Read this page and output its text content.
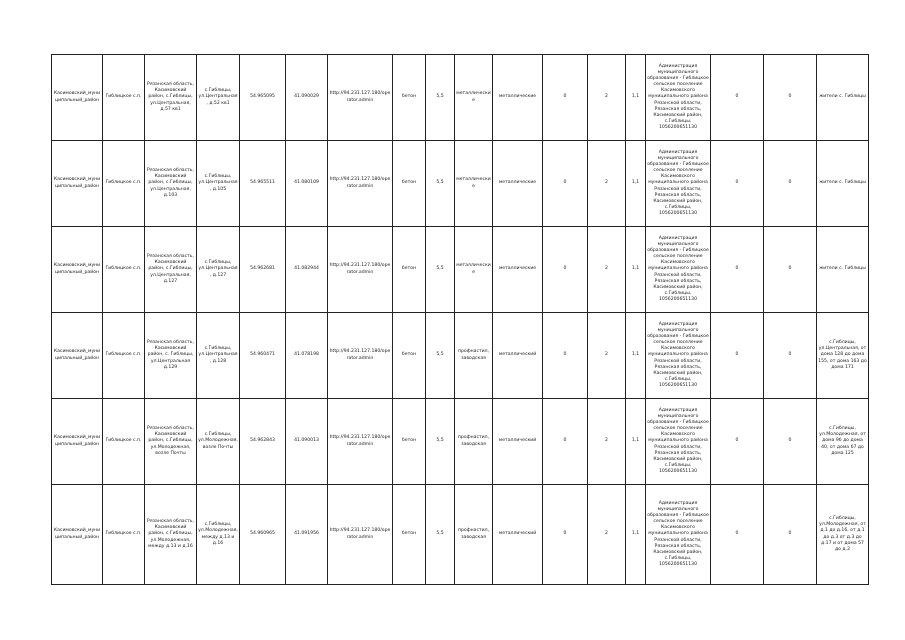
Касимовский_муниципальный_район	Гиблицкое с.п.	Рязанская область, Касимовский район, с.Гиблицы, ул.Центральная, д.57 кв1	с.Гиблицы, ул.Центральная, д.52 кв1	54.965095	41.090029	http://94.231.127.180/operator.admin	бетон	5,5	металлические	металлические	0	2	1,1	Администрация муниципального образования - Гиблицкое сельское поселение Касимовского муниципального района Рязанской области, Рязанская область, Касимовский район, с.Гиблицы, 1056200651130	0	0	жители с. Гиблицы
Касимовский_муниципальный_район	Гиблицкое с.п.	Рязанская область, Касимовский район, с.Гиблицы, ул.Центральная, д.103	с.Гиблицы, ул.Центральная, д.105	54.965511	41.080109	http://94.231.127.180/operator.admin	бетон	5,5	металлические	металлические	0	2	1,1	Администрация муниципального образования - Гиблицкое сельское поселение Касимовского муниципального района Рязанской области, Рязанская область, Касимовский район, с.Гиблицы, 1056200651130	0	0	жители с. Гиблицы
Касимовский_муниципальный_район	Гиблицкое с.п.	Рязанская область, Касимовский район, с.Гиблицы, ул.Центральная, д.127	с.Гиблицы, ул.Центральная, д.127	54.962681	41.082944	http://94.231.127.180/operator.admin	бетон	5,5	металлические	металлические	0	2	1,1	Администрация муниципального образования - Гиблицкое сельское поселение Касимовского муниципального района Рязанской области, Рязанская область, Касимовский район, с.Гиблицы, 1056200651130	0	0	жители с. Гиблицы
Касимовский_муниципальный_район	Гиблицкое с.п.	Рязанская область, Касимовский район, с. Гиблицы, ул.Центральная д.129	с.Гиблицы, ул.Центральная, д.128	54.960471	41.078198	http://94.231.127.180/operator.admin	бетон	5,5	профнастил, заводская	металлический	0	2	1,1	Администрация муниципального образования - Гиблицкое сельское поселение Касимовского муниципального района Рязанской области, Рязанская область, Касимовский район, с.Гиблицы, 1056200651130	0	0	с.Гиблицы, ул.Центральная, от дома 128 до дома 155, от дома 163 до дома 171
Касимовский_муниципальный_район	Гиблицкое с.п.	Рязанская область, Касимовский район, с.Гиблицы, ул.Молодежная, возле Почты	с.Гиблицы, ул.Молодежная, возле Почты	54.962843	41.090013	http://94.231.127.180/operator.admin	бетон	5,5	профнастил, заводская	металлический	0	2	1,1	Администрация муниципального образования - Гиблицкое сельское поселение Касимовского муниципального района Рязанской области, Рязанская область, Касимовский район, с.Гиблицы, 1056200651130	0	0	с.Гиблицы, ул.Молодежная, от дома 9б до дома 40, от дома 67 до дома 125
Касимовский_муниципальный_район	Гиблицкое с.п.	Рязанская область, Касимовский район, с.Гиблицы, ул.Молодежная, между д.13 и д.16	с.Гиблицы, ул.Молодежная, между д.13 и д.16	54.960965	41.091956	http://94.231.127.180/operator.admin	бетон	5,5	профнастил, заводская	металлический	0	2	1,1	Администрация муниципального образования - Гиблицкое сельское поселение Касимовского муниципального района Рязанской области, Рязанская область, Касимовский район, с.Гиблицы, 1056200651130	0	0	с.Гиблицы, ул.Молодежная, от д.1 до д.16, от д.1 до д.3 от д.3 до д.17 и от дома 57 до д.2
